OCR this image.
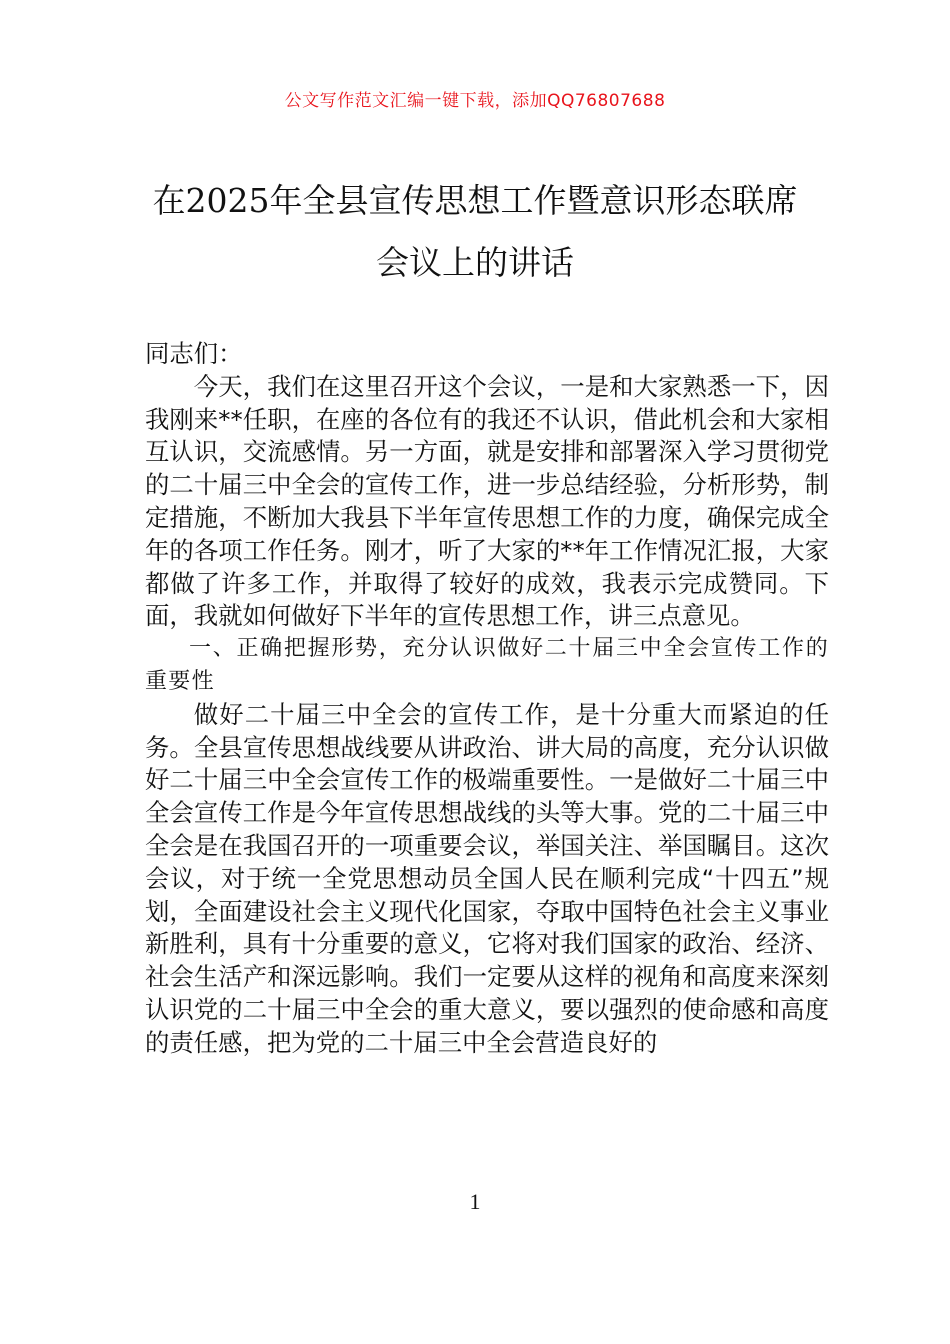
公文写作范文汇编一键下载，添加QQ76807688
在2025年全县宣传思想工作暨意识形态联席会议上的讲话

同志们：

今天，我们在这里召开这个会议，一是和大家熟悉一下，因我刚来**任职，在座的各位有的我还不认识，借此机会和大家相互认识，交流感情。另一方面，就是安排和部署深入学习贯彻党的二十届三中全会的宣传工作，进一步总结经验，分析形势，制定措施，不断加大我县下半年宣传思想工作的力度，确保完成全年的各项工作任务。刚才，听了大家的**年工作情况汇报，大家都做了许多工作，并取得了较好的成效，我表示完成赞同。下面，我就如何做好下半年的宣传思想工作，讲三点意见。

一、正确把握形势，充分认识做好二十届三中全会宣传工作的重要性

做好二十届三中全会的宣传工作，是十分重大而紧迫的任务。全县宣传思想战线要从讲政治、讲大局的高度，充分认识做好二十届三中全会宣传工作的极端重要性。一是做好二十届三中全会宣传工作是今年宣传思想战线的头等大事。党的二十届三中全会是在我国召开的一项重要会议，举国关注、举国瞩目。这次会议，对于统一全党思想动员全国人民在顺利完成“十四五”规划，全面建设社会主义现代化国家，夺取中国特色社会主义事业新胜利，具有十分重要的意义，它将对我们国家的政治、经济、社会生活产和深远影响。我们一定要从这样的视角和高度来深刻认识党的二十届三中全会的重大意义，要以强烈的使命感和高度的责任感，把为党的二十届三中全会营造良好的

1
